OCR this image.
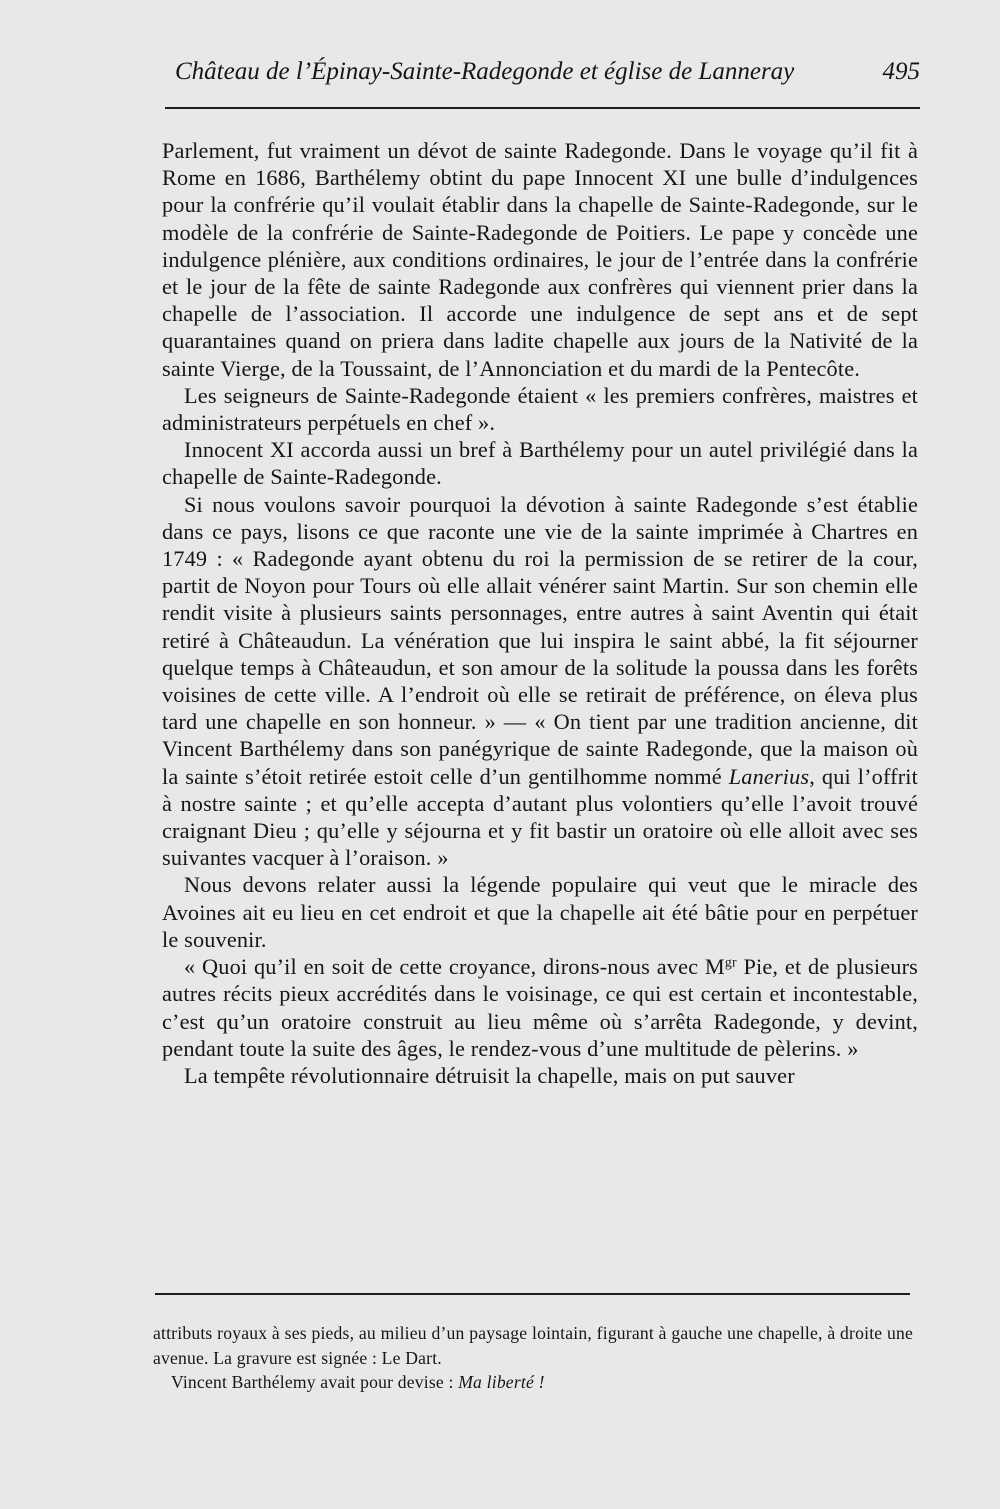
Château de l’Épinay-Sainte-Radegonde et église de Lanneray	495

Parlement, fut vraiment un dévot de sainte Radegonde. Dans le voyage qu’il fit à Rome en 1686, Barthélemy obtint du pape Innocent XI une bulle d’indulgences pour la confrérie qu’il voulait établir dans la chapelle de Sainte-Radegonde, sur le modèle de la confrérie de Sainte-Radegonde de Poitiers. Le pape y concède une indulgence plénière, aux conditions ordinaires, le jour de l’entrée dans la confrérie et le jour de la fête de sainte Radegonde aux confrères qui viennent prier dans la chapelle de l’association. Il accorde une indulgence de sept ans et de sept quarantaines quand on priera dans ladite chapelle aux jours de la Nativité de la sainte Vierge, de la Toussaint, de l’Annonciation et du mardi de la Pentecôte.

Les seigneurs de Sainte-Radegonde étaient « les premiers confrères, maistres et administrateurs perpétuels en chef ».

Innocent XI accorda aussi un bref à Barthélemy pour un autel privilégié dans la chapelle de Sainte-Radegonde.

Si nous voulons savoir pourquoi la dévotion à sainte Radegonde s’est établie dans ce pays, lisons ce que raconte une vie de la sainte imprimée à Chartres en 1749 : « Radegonde ayant obtenu du roi la permission de se retirer de la cour, partit de Noyon pour Tours où elle allait vénérer saint Martin. Sur son chemin elle rendit visite à plusieurs saints personnages, entre autres à saint Aventin qui était retiré à Châteaudun. La vénération que lui inspira le saint abbé, la fit séjourner quelque temps à Châteaudun, et son amour de la solitude la poussa dans les forêts voisines de cette ville. A l’endroit où elle se retirait de préférence, on éleva plus tard une chapelle en son honneur. » — « On tient par une tradition ancienne, dit Vincent Barthélemy dans son panégyrique de sainte Radegonde, que la maison où la sainte s’étoit retirée estoit celle d’un gentilhomme nommé Lanerius, qui l’offrit à nostre sainte ; et qu’elle accepta d’autant plus volontiers qu’elle l’avoit trouvé craignant Dieu ; qu’elle y séjourna et y fit bastir un oratoire où elle alloit avec ses suivantes vacquer à l’oraison. »

Nous devons relater aussi la légende populaire qui veut que le miracle des Avoines ait eu lieu en cet endroit et que la chapelle ait été bâtie pour en perpétuer le souvenir.

« Quoi qu’il en soit de cette croyance, dirons-nous avec $M^{gr}$ Pie, et de plusieurs autres récits pieux accrédités dans le voisinage, ce qui est certain et incontestable, c’est qu’un oratoire construit au lieu même où s’arrêta Radegonde, y devint, pendant toute la suite des âges, le rendez-vous d’une multitude de pèlerins. »

La tempête révolutionnaire détruisit la chapelle, mais on put sauver

attributs royaux à ses pieds, au milieu d’un paysage lointain, figurant à gauche une chapelle, à droite une avenue. La gravure est signée : Le Dart.

Vincent Barthélemy avait pour devise : Ma liberté !
